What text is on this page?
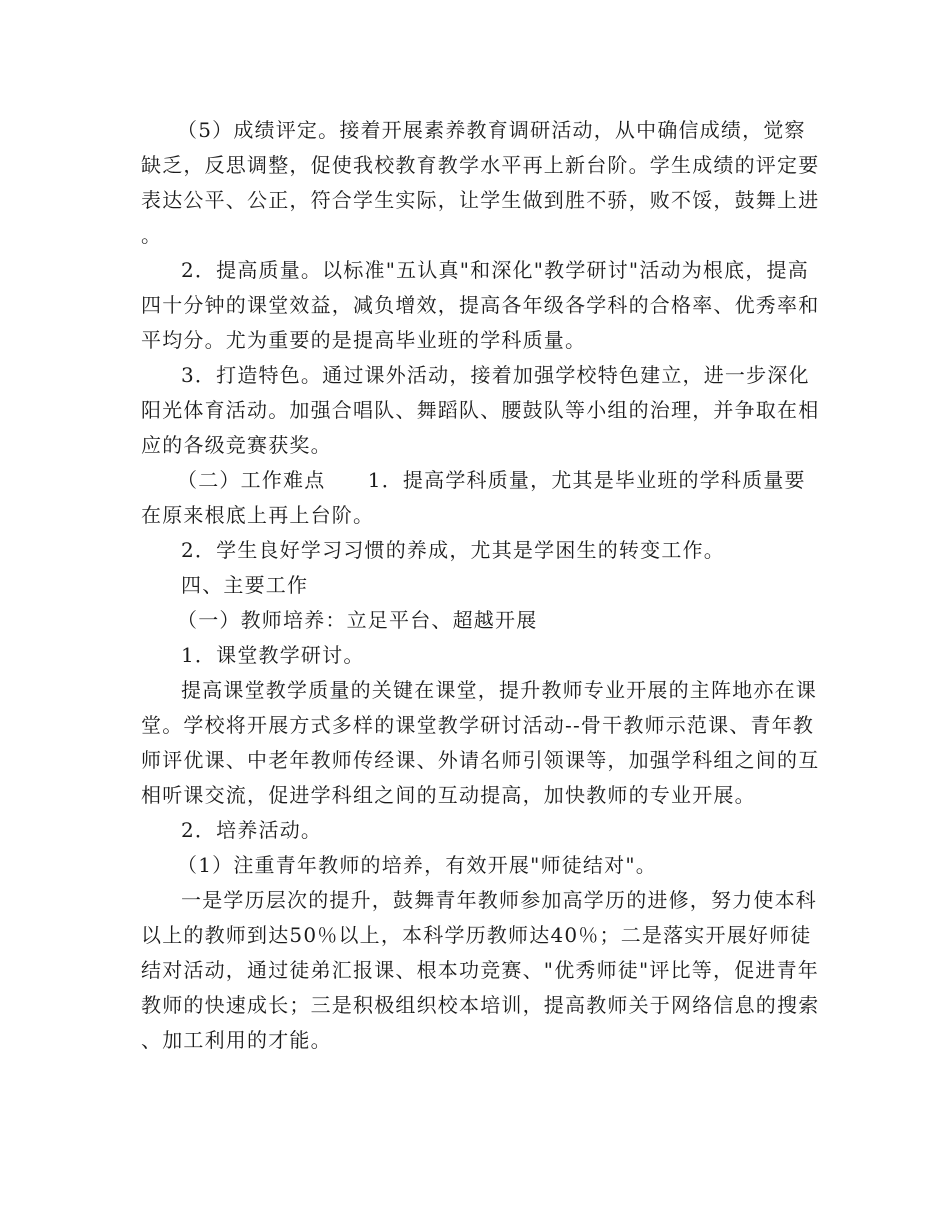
（5）成绩评定。接着开展素养教育调研活动，从中确信成绩，觉察缺乏，反思调整，促使我校教育教学水平再上新台阶。学生成绩的评定要表达公平、公正，符合学生实际，让学生做到胜不骄，败不馁，鼓舞上进。

2．提高质量。以标准"五认真"和深化"教学研讨"活动为根底，提高四十分钟的课堂效益，减负增效，提高各年级各学科的合格率、优秀率和平均分。尤为重要的是提高毕业班的学科质量。

3．打造特色。通过课外活动，接着加强学校特色建立，进一步深化阳光体育活动。加强合唱队、舞蹈队、腰鼓队等小组的治理，并争取在相应的各级竞赛获奖。

（二）工作难点　　1．提高学科质量，尤其是毕业班的学科质量要在原来根底上再上台阶。

2．学生良好学习习惯的养成，尤其是学困生的转变工作。

四、主要工作

（一）教师培养：立足平台、超越开展

1．课堂教学研讨。

提高课堂教学质量的关键在课堂，提升教师专业开展的主阵地亦在课堂。学校将开展方式多样的课堂教学研讨活动--骨干教师示范课、青年教师评优课、中老年教师传经课、外请名师引领课等，加强学科组之间的互相听课交流，促进学科组之间的互动提高，加快教师的专业开展。

2．培养活动。

（1）注重青年教师的培养，有效开展"师徒结对"。

一是学历层次的提升，鼓舞青年教师参加高学历的进修，努力使本科以上的教师到达50％以上，本科学历教师达40％；二是落实开展好师徒结对活动，通过徒弟汇报课、根本功竞赛、"优秀师徒"评比等，促进青年教师的快速成长；三是积极组织校本培训，提高教师关于网络信息的搜索、加工利用的才能。
